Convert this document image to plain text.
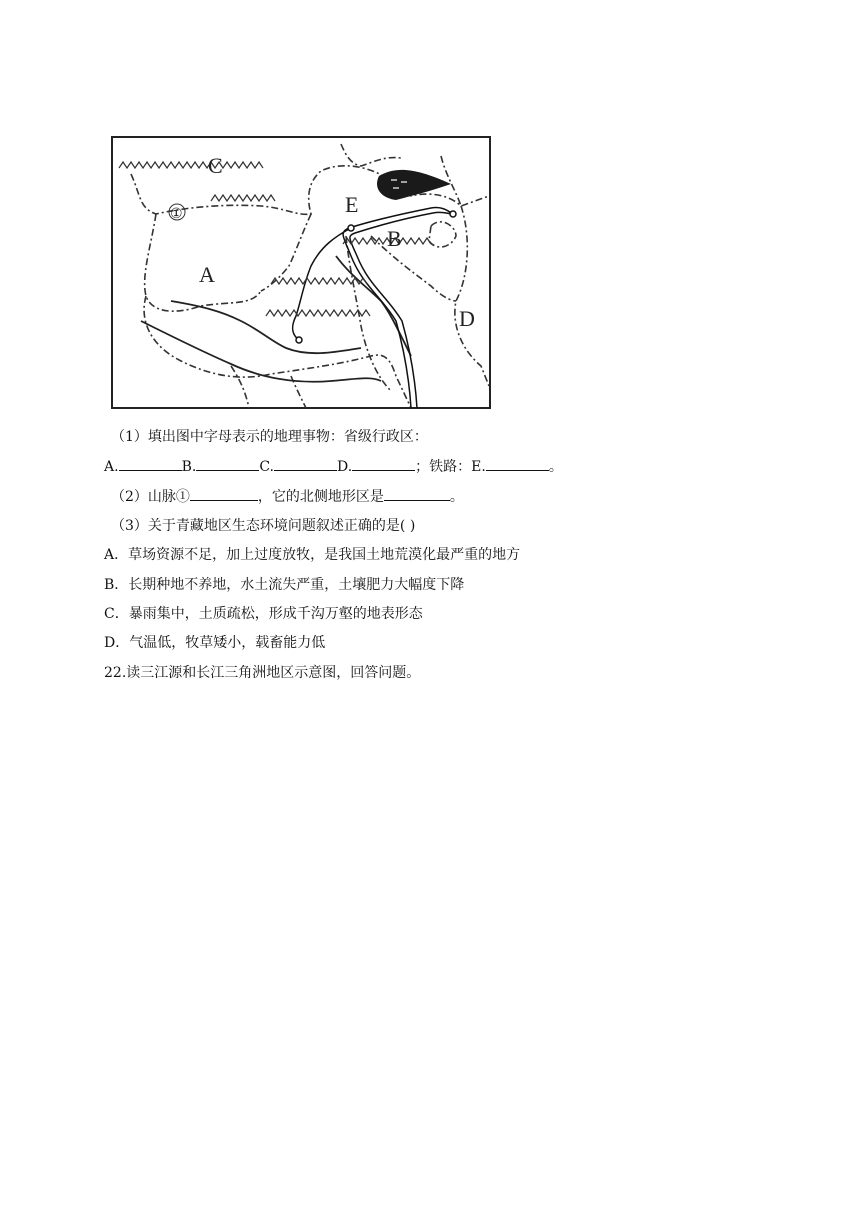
①
C
A
E
B
D
（1）填出图中字母表示的地理事物：省级行政区：
A.	B.	C.	D.	；铁路：E.	。
（2）山脉①	，它的北侧地形区是	。
（3）关于青藏地区生态环境问题叙述正确的是( )
A．草场资源不足，加上过度放牧，是我国土地荒漠化最严重的地方
B．长期种地不养地，水土流失严重，土壤肥力大幅度下降
C．暴雨集中，土质疏松，形成千沟万壑的地表形态
D．气温低，牧草矮小，载畜能力低
22.读三江源和长江三角洲地区示意图，回答问题。
